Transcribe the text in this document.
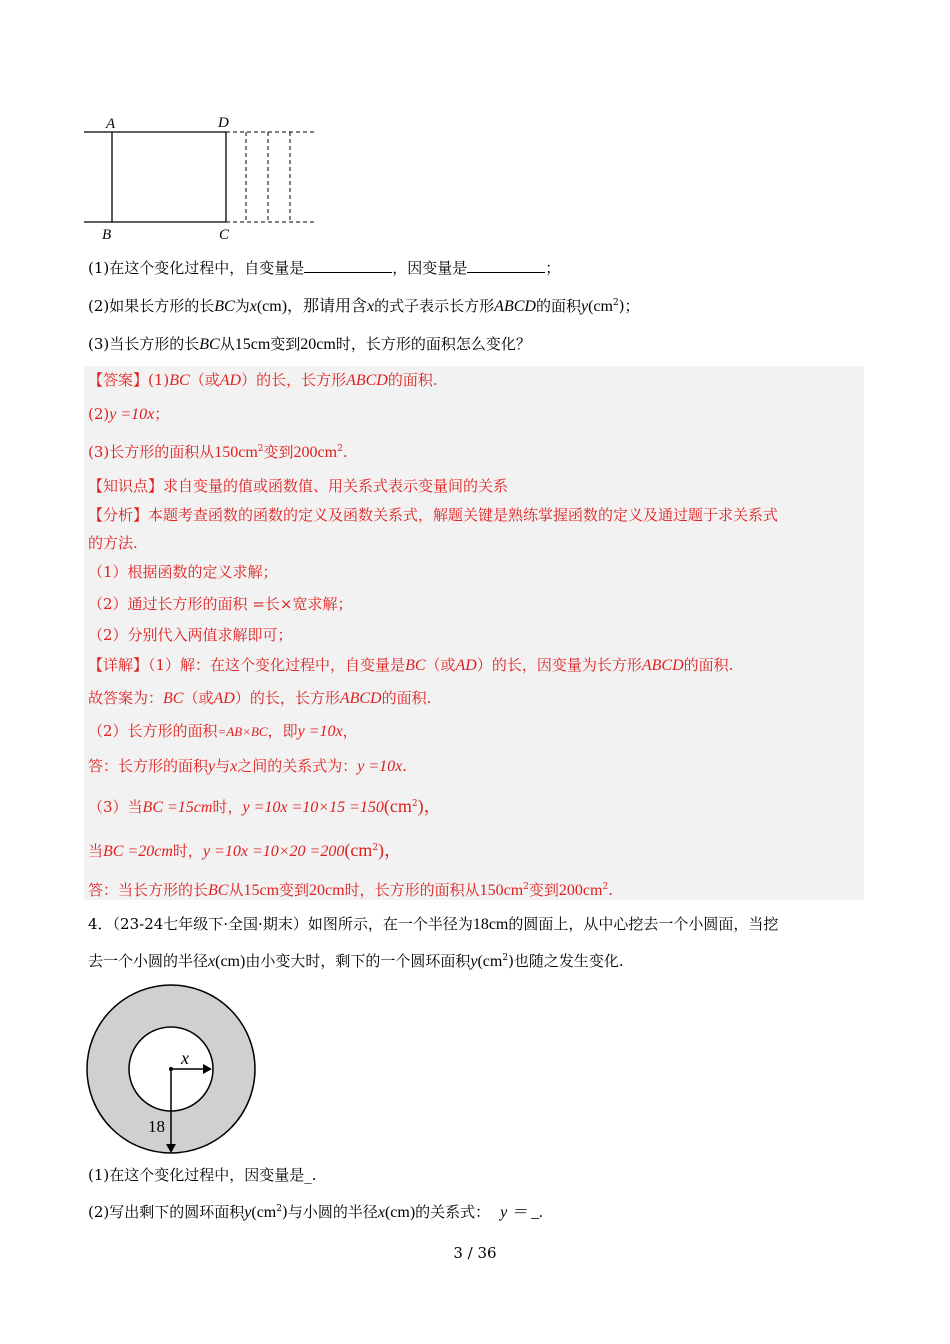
A	D
B	C
(1)在这个变化过程中，自变量是	，因变量是	；
(2)如果长方形的长BC为x(cm)，那请用含x的式子表示长方形ABCD的面积$y(cm^2)$；
(3)当长方形的长BC从15cm变到20cm时，长方形的面积怎么变化？
【答案】(1)BC（或AD）的长，长方形ABCD的面积.
(2)y =10x；
(3)长方形的面积从$150cm^2$变到$200cm^2$.
【知识点】求自变量的值或函数值、用关系式表示变量间的关系
【分析】本题考查函数的函数的定义及函数关系式，解题关键是熟练掌握函数的定义及通过题于求关系式
的方法.
（1）根据函数的定义求解；
（2）通过长方形的面积 =长×宽求解；
（2）分别代入两值求解即可；
【详解】（1）解：在这个变化过程中，自变量是BC（或AD）的长，因变量为长方形ABCD的面积.
故答案为：BC（或AD）的长，长方形ABCD的面积.
（2）长方形的面积=AB×BC，即y =10x，
答：长方形的面积y与x之间的关系式为：y =10x.
（3）当BC =15cm时，$y =10x =10\times 15 =150(cm^2)$，
当BC =20cm时，$y =10x =10\times 20 =200(cm^2)$，
答：当长方形的长BC从15cm变到20cm时，长方形的面积从$150cm^2$变到$200cm^2$.
4．（23-24七年级下·全国·期末）如图所示，在一个半径为18cm的圆面上，从中心挖去一个小圆面，当挖
去一个小圆的半径x(cm)由小变大时，剩下的一个圆环面积$y(cm^2)$也随之发生变化.
x
18
(1)在这个变化过程中，因变量是_.
(2)写出剩下的圆环面积$y(cm^2)$与小圆的半径x(cm)的关系式： y ＝ _.
3 / 36
